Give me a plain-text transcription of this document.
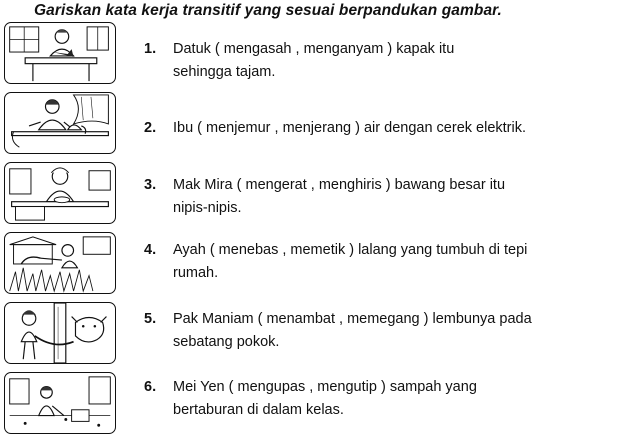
Gariskan kata kerja transitif yang sesuai berpandukan gambar.
1. Datuk ( mengasah , menganyam ) kapak itu
sehingga tajam.
2. Ibu ( menjemur , menjerang ) air dengan cerek elektrik.
3. Mak Mira ( mengerat , menghiris ) bawang besar itu
nipis-nipis.
4. Ayah ( menebas , memetik ) lalang yang tumbuh di tepi
rumah.
5. Pak Maniam ( menambat , memegang ) lembunya pada
sebatang pokok.
6. Mei Yen ( mengupas , mengutip ) sampah yang
bertaburan di dalam kelas.
